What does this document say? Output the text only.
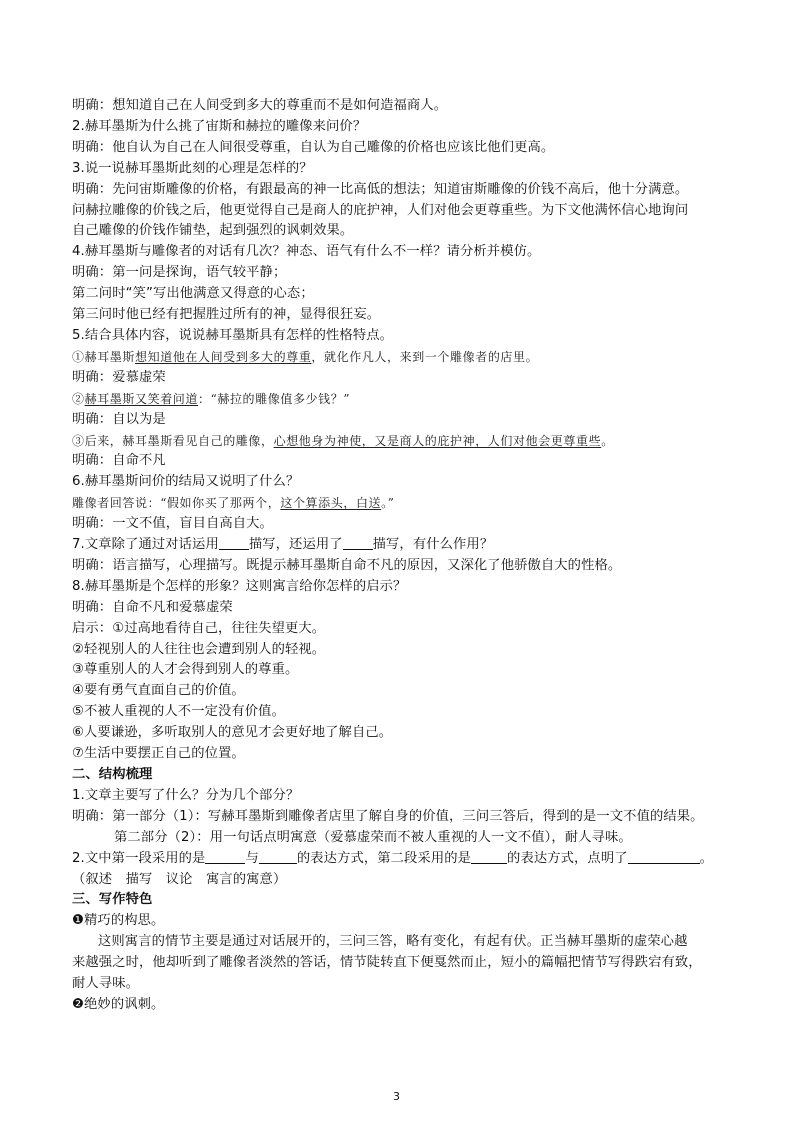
明确：想知道自己在人间受到多大的尊重而不是如何造福商人。
2.赫耳墨斯为什么挑了宙斯和赫拉的雕像来问价？
明确：他自认为自己在人间很受尊重，自认为自己雕像的价格也应该比他们更高。
3.说一说赫耳墨斯此刻的心理是怎样的？
明确：先问宙斯雕像的价格，有跟最高的神一比高低的想法；知道宙斯雕像的价钱不高后，他十分满意。
问赫拉雕像的价钱之后，他更觉得自己是商人的庇护神，人们对他会更尊重些。为下文他满怀信心地询问
自己雕像的价钱作铺垫，起到强烈的讽刺效果。
4.赫耳墨斯与雕像者的对话有几次？神态、语气有什么不一样？请分析并模仿。
明确：第一问是探询，语气较平静；
第二问时“笑”写出他满意又得意的心态；
第三问时他已经有把握胜过所有的神，显得很狂妄。
5.结合具体内容，说说赫耳墨斯具有怎样的性格特点。
①赫耳墨斯想知道他在人间受到多大的尊重，就化作凡人，来到一个雕像者的店里。
明确：爱慕虚荣
②赫耳墨斯又笑着问道：“赫拉的雕像值多少钱？”
明确：自以为是
③后来，赫耳墨斯看见自己的雕像，心想他身为神使，又是商人的庇护神，人们对他会更尊重些。
明确：自命不凡
6.赫耳墨斯问价的结局又说明了什么？
雕像者回答说：“假如你买了那两个，这个算添头，白送。”
明确：一文不值，盲目自高自大。
7.文章除了通过对话运用 描写，还运用了 描写，有什么作用？
明确：语言描写，心理描写。既提示赫耳墨斯自命不凡的原因，又深化了他骄傲自大的性格。
8.赫耳墨斯是个怎样的形象？这则寓言给你怎样的启示？
明确：自命不凡和爱慕虚荣
启示：①过高地看待自己，往往失望更大。
②轻视别人的人往往也会遭到别人的轻视。
③尊重别人的人才会得到别人的尊重。
④要有勇气直面自己的价值。
⑤不被人重视的人不一定没有价值。
⑥人要谦逊，多听取别人的意见才会更好地了解自己。
⑦生活中要摆正自己的位置。
二、结构梳理
1.文章主要写了什么？分为几个部分？
明确：第一部分（1）：写赫耳墨斯到雕像者店里了解自身的价值，三问三答后，得到的是一文不值的结果。
第二部分（2）：用一句话点明寓意（爱慕虚荣而不被人重视的人一文不值），耐人寻味。
2.文中第一段采用的是	与	的表达方式，第二段采用的是	的表达方式，点明了	。
（叙述　描写　议论　寓言的寓意）
三、写作特色
❶精巧的构思。
这则寓言的情节主要是通过对话展开的，三问三答，略有变化，有起有伏。正当赫耳墨斯的虚荣心越
来越强之时，他却听到了雕像者淡然的答话，情节陡转直下便戛然而止，短小的篇幅把情节写得跌宕有致，
耐人寻味。
❷绝妙的讽刺。
3
